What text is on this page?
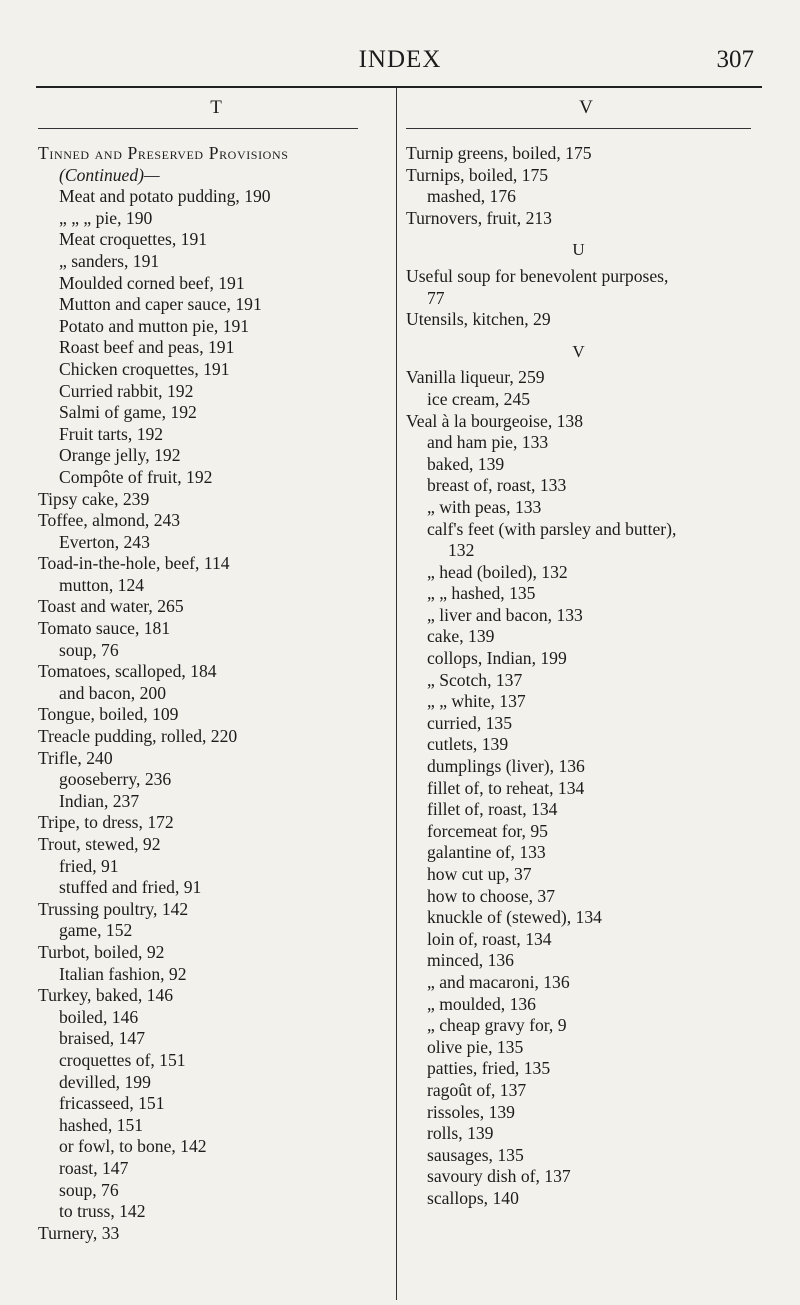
INDEX	307
T
Tinned and Preserved Provisions
(Continued)—
Meat and potato pudding, 190
„ „ „ pie, 190
Meat croquettes, 191
„ sanders, 191
Moulded corned beef, 191
Mutton and caper sauce, 191
Potato and mutton pie, 191
Roast beef and peas, 191
Chicken croquettes, 191
Curried rabbit, 192
Salmi of game, 192
Fruit tarts, 192
Orange jelly, 192
Compôte of fruit, 192
Tipsy cake, 239
Toffee, almond, 243
Everton, 243
Toad-in-the-hole, beef, 114
mutton, 124
Toast and water, 265
Tomato sauce, 181
soup, 76
Tomatoes, scalloped, 184
and bacon, 200
Tongue, boiled, 109
Treacle pudding, rolled, 220
Trifle, 240
gooseberry, 236
Indian, 237
Tripe, to dress, 172
Trout, stewed, 92
fried, 91
stuffed and fried, 91
Trussing poultry, 142
game, 152
Turbot, boiled, 92
Italian fashion, 92
Turkey, baked, 146
boiled, 146
braised, 147
croquettes of, 151
devilled, 199
fricasseed, 151
hashed, 151
or fowl, to bone, 142
roast, 147
soup, 76
to truss, 142
Turnery, 33
V
Turnip greens, boiled, 175
Turnips, boiled, 175
mashed, 176
Turnovers, fruit, 213
U
Useful soup for benevolent purposes,
77
Utensils, kitchen, 29
V
Vanilla liqueur, 259
ice cream, 245
Veal à la bourgeoise, 138
and ham pie, 133
baked, 139
breast of, roast, 133
„ with peas, 133
calf's feet (with parsley and butter),
132
„ head (boiled), 132
„ „ hashed, 135
„ liver and bacon, 133
cake, 139
collops, Indian, 199
„ Scotch, 137
„ „ white, 137
curried, 135
cutlets, 139
dumplings (liver), 136
fillet of, to reheat, 134
fillet of, roast, 134
forcemeat for, 95
galantine of, 133
how cut up, 37
how to choose, 37
knuckle of (stewed), 134
loin of, roast, 134
minced, 136
„ and macaroni, 136
„ moulded, 136
„ cheap gravy for, 9
olive pie, 135
patties, fried, 135
ragoût of, 137
rissoles, 139
rolls, 139
sausages, 135
savoury dish of, 137
scallops, 140
